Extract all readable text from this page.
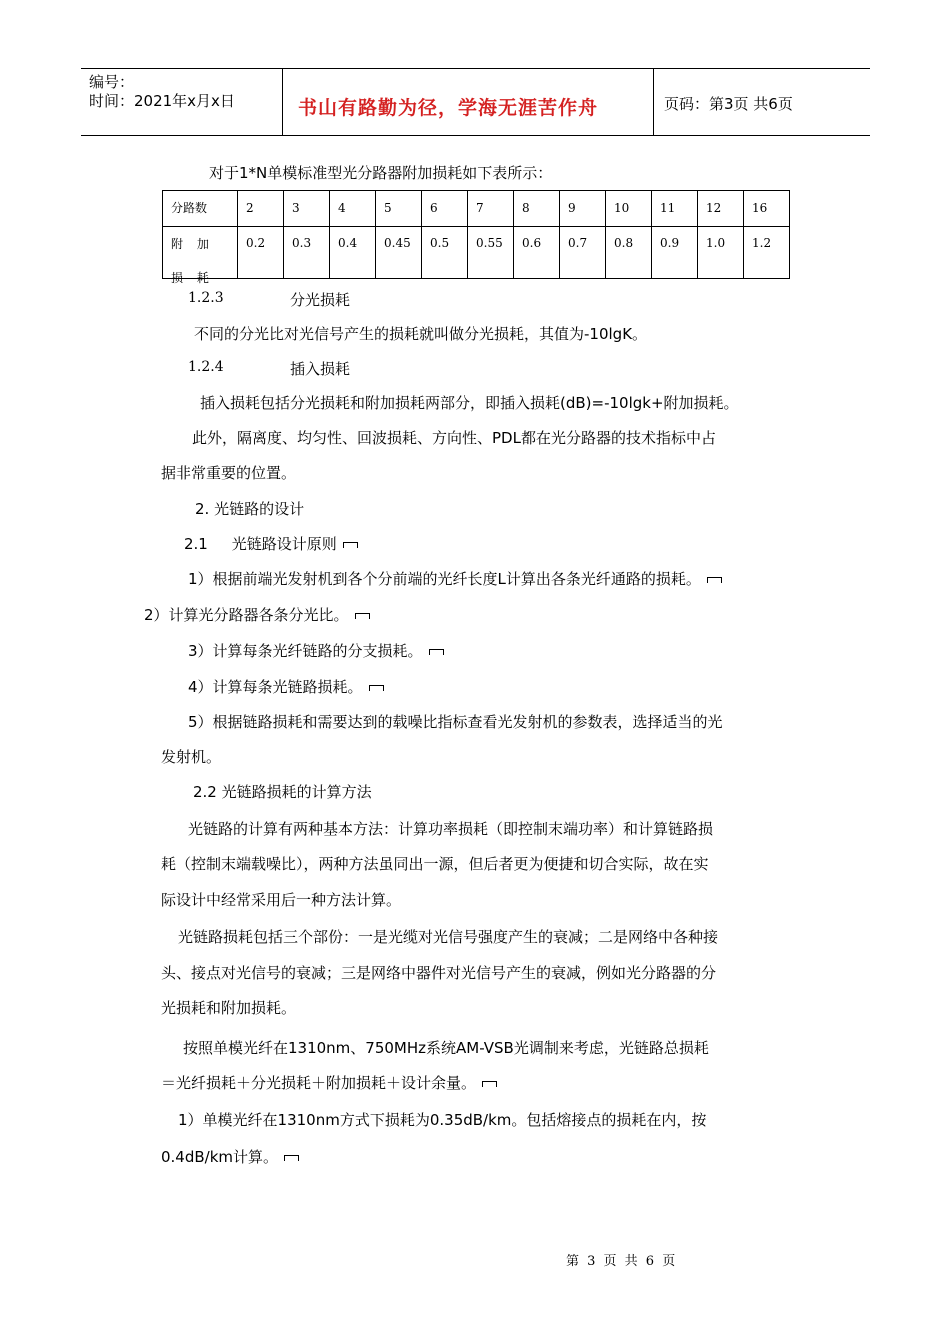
编号：
时间：2021年x月x日	书山有路勤为径，学海无涯苦作舟	页码：第3页 共6页
对于1*N单模标准型光分路器附加损耗如下表所示：
分路数	2	3	4	5	6	7	8	9	10	11	12	16

附 加 损 耗	0.2	0.3	0.4	0.45	0.5	0.55	0.6	0.7	0.8	0.9	1.0	1.2
1.2.3	分光损耗
不同的分光比对光信号产生的损耗就叫做分光损耗，其值为-10lgK。
1.2.4	插入损耗
插入损耗包括分光损耗和附加损耗两部分，即插入损耗(dB)=-10lgk+附加损耗。
此外，隔离度、均匀性、回波损耗、方向性、PDL都在光分路器的技术指标中占
据非常重要的位置。
2. 光链路的设计
2.1     光链路设计原则
1）根据前端光发射机到各个分前端的光纤长度L计算出各条光纤通路的损耗。
2）计算光分路器各条分光比。
3）计算每条光纤链路的分支损耗。
4）计算每条光链路损耗。
5）根据链路损耗和需要达到的载噪比指标查看光发射机的参数表，选择适当的光
发射机。
2.2 光链路损耗的计算方法
光链路的计算有两种基本方法：计算功率损耗（即控制末端功率）和计算链路损
耗（控制末端载噪比），两种方法虽同出一源，但后者更为便捷和切合实际，故在实
际设计中经常采用后一种方法计算。
光链路损耗包括三个部份：一是光缆对光信号强度产生的衰减；二是网络中各种接
头、接点对光信号的衰减；三是网络中器件对光信号产生的衰减，例如光分路器的分
光损耗和附加损耗。
按照单模光纤在1310nm、750MHz系统AM-VSB光调制来考虑，光链路总损耗
＝光纤损耗＋分光损耗＋附加损耗＋设计余量。
1）单模光纤在1310nm方式下损耗为0.35dB/km。包括熔接点的损耗在内，按
0.4dB/km计算。
第 3 页 共 6 页
